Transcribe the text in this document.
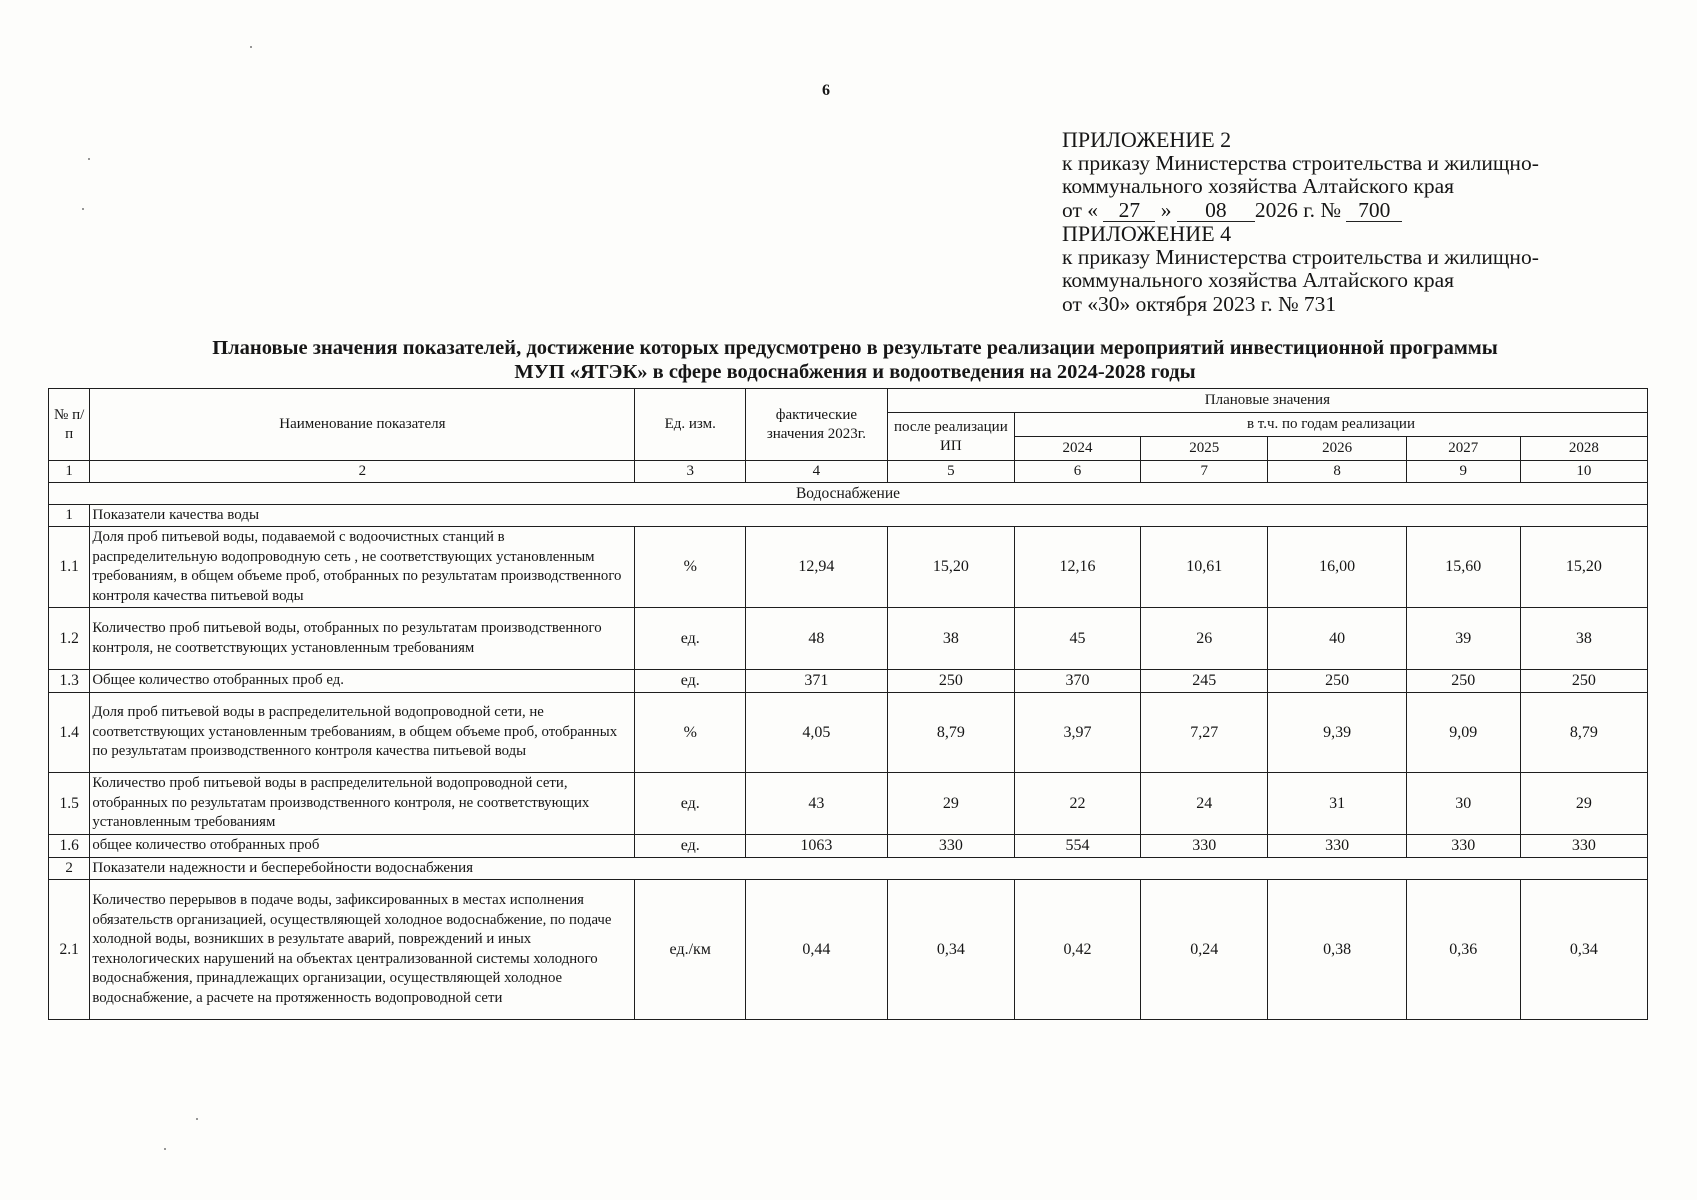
6
ПРИЛОЖЕНИЕ 2
к приказу Министерства строительства и жилищно-
коммунального хозяйства Алтайского края
от « 27 » 08 2026 г. № 700
ПРИЛОЖЕНИЕ 4
к приказу Министерства строительства и жилищно-
коммунального хозяйства Алтайского края
от «30» октября 2023 г. № 731
Плановые значения показателей, достижение которых предусмотрено в результате реализации мероприятий инвестиционной программы
МУП «ЯТЭК» в сфере водоснабжения и водоотведения на 2024-2028 годы
№ п/п	Наименование показателя	Ед. изм.	фактические значения 2023г.	Плановые значения					
				после реализации ИП	в т.ч. по годам реализации				
					2024	2025	2026	2027	2028
1	2	3	4	5	6	7	8	9	10
Водоснабжение									
1	Показатели качества воды								
1.1	Доля проб питьевой воды, подаваемой с водоочистных станций в распределительную водопроводную сеть , не соответствующих установленным требованиям, в общем объеме проб, отобранных по результатам производственного контроля качества питьевой воды	%	12,94	15,20	12,16	10,61	16,00	15,60	15,20
1.2	Количество проб питьевой воды, отобранных по результатам производственного контроля, не соответствующих установленным требованиям	ед.	48	38	45	26	40	39	38
1.3	Общее количество отобранных проб ед.	ед.	371	250	370	245	250	250	250
1.4	Доля проб питьевой воды в распределительной водопроводной сети, не соответствующих установленным требованиям, в общем объеме проб, отобранных по результатам производственного контроля качества питьевой воды	%	4,05	8,79	3,97	7,27	9,39	9,09	8,79
1.5	Количество проб питьевой воды в распределительной водопроводной сети, отобранных по результатам производственного контроля, не соответствующих установленным требованиям	ед.	43	29	22	24	31	30	29
1.6	общее количество отобранных проб	ед.	1063	330	554	330	330	330	330
2	Показатели надежности и бесперебойности водоснабжения								
2.1	Количество перерывов в подаче воды, зафиксированных в местах исполнения обязательств организацией, осуществляющей холодное водоснабжение, по подаче холодной воды, возникших в результате аварий, повреждений и иных технологических нарушений на объектах централизованной системы холодного водоснабжения, принадлежащих организации, осуществляющей холодное водоснабжение, а расчете на протяженность водопроводной сети	ед./км	0,44	0,34	0,42	0,24	0,38	0,36	0,34
